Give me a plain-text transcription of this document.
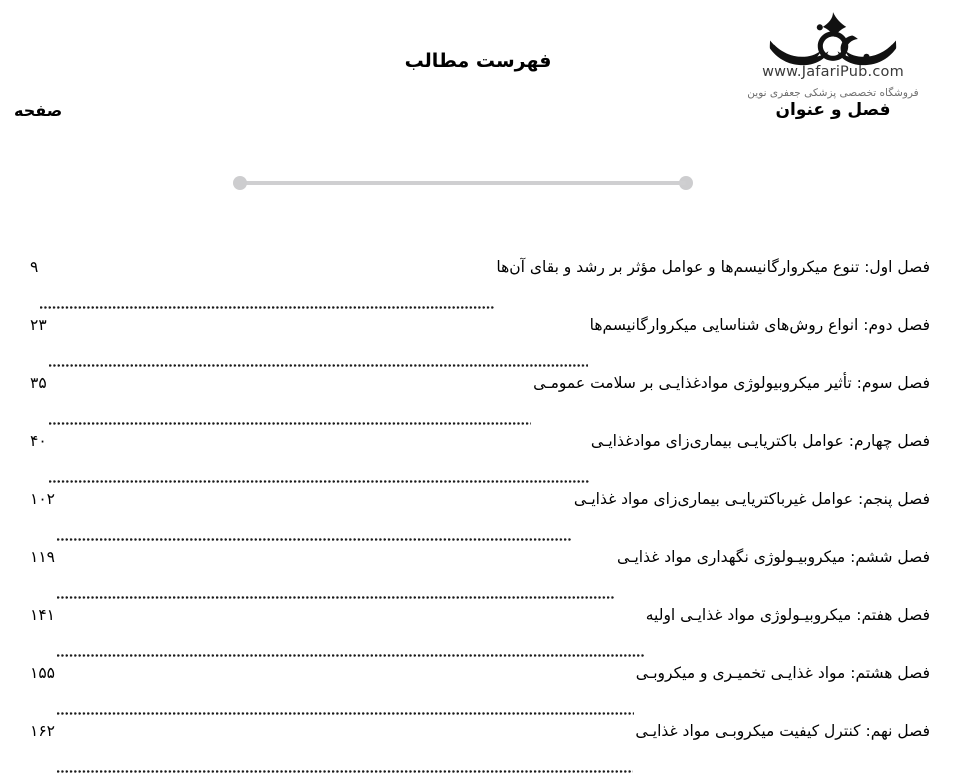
www.JafariPub.com
فروشگاه تخصصی پزشکی جعفری نوین
فصل و عنوان
فهرست مطالب
صفحه
فصل اول: تنوع میکروارگانیسم‌ها و عوامل مؤثر بر رشد و بقای آن‌ها
۹
فصل دوم: انواع روش‌های شناسایی میکروارگانیسم‌ها
۲۳
فصل سوم: تأثیر میکروبیولوژی موادغذایـی بر سلامت عمومـی
۳۵
فصل چهارم: عوامل باکتریایـی بیماری‌زای موادغذایـی
۴۰
فصل پنجم: عوامل غیرباکتریایـی بیماری‌زای مواد غذایـی
۱۰۲
فصل ششم: میکروبیـولوژی نگهداری مواد غذایـی
۱۱۹
فصل هفتم: میکروبیـولوژی مواد غذایـی اولیه
۱۴۱
فصل هشتم: مواد غذایـی تخمیـری و میکروبـی
۱۵۵
فصل نهم: کنترل کیفیت میکروبـی مواد غذایـی
۱۶۲
